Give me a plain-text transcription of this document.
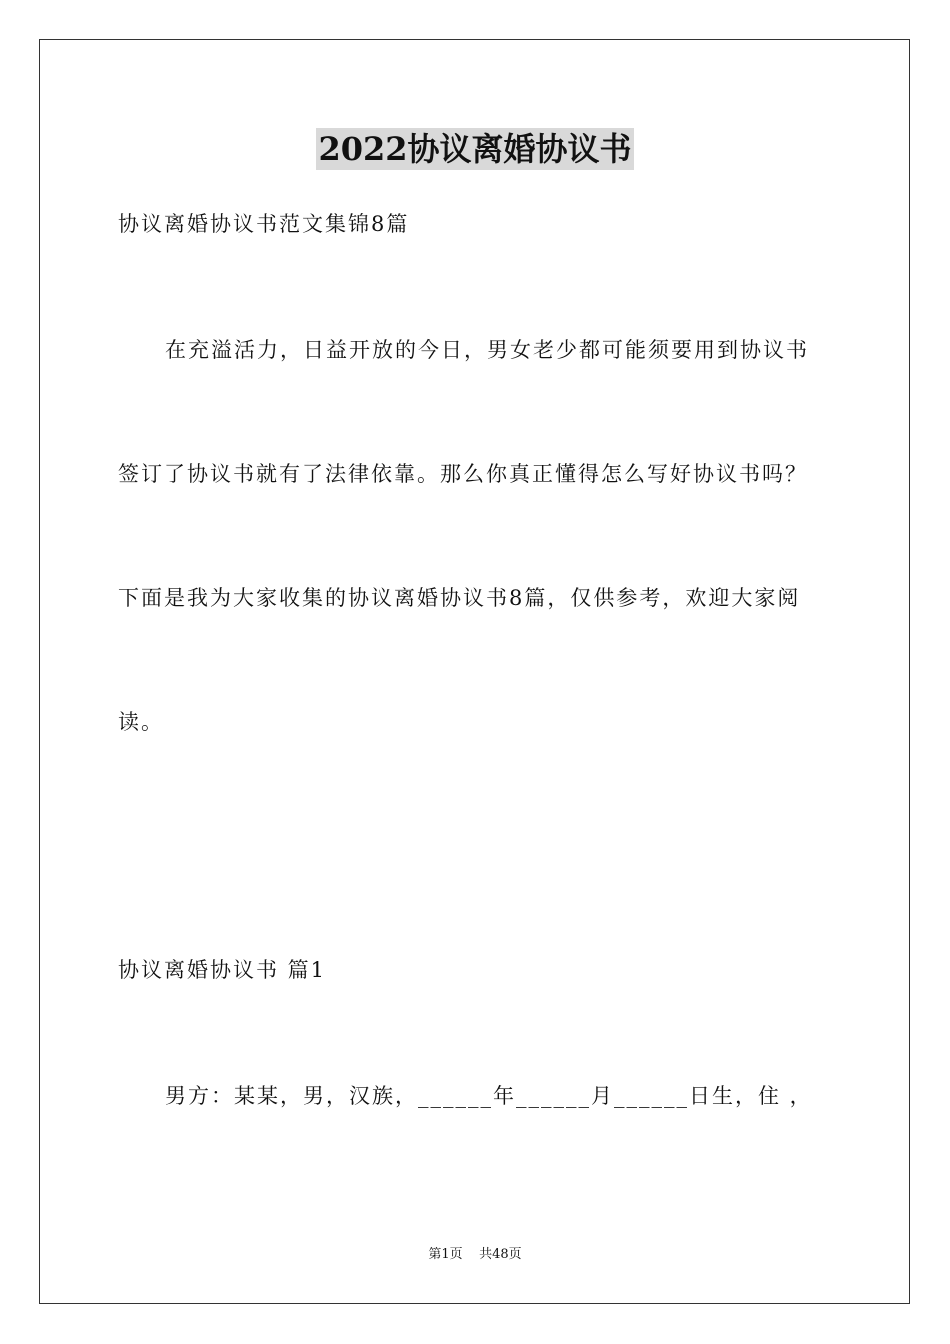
2022协议离婚协议书
协议离婚协议书范文集锦8篇
在充溢活力，日益开放的今日，男女老少都可能须要用到协议书
签订了协议书就有了法律依靠。那么你真正懂得怎么写好协议书吗？
下面是我为大家收集的协议离婚协议书8篇，仅供参考，欢迎大家阅
读。
协议离婚协议书 篇1
男方：某某，男，汉族，______年______月______日生，住 ，
第1页    共48页
